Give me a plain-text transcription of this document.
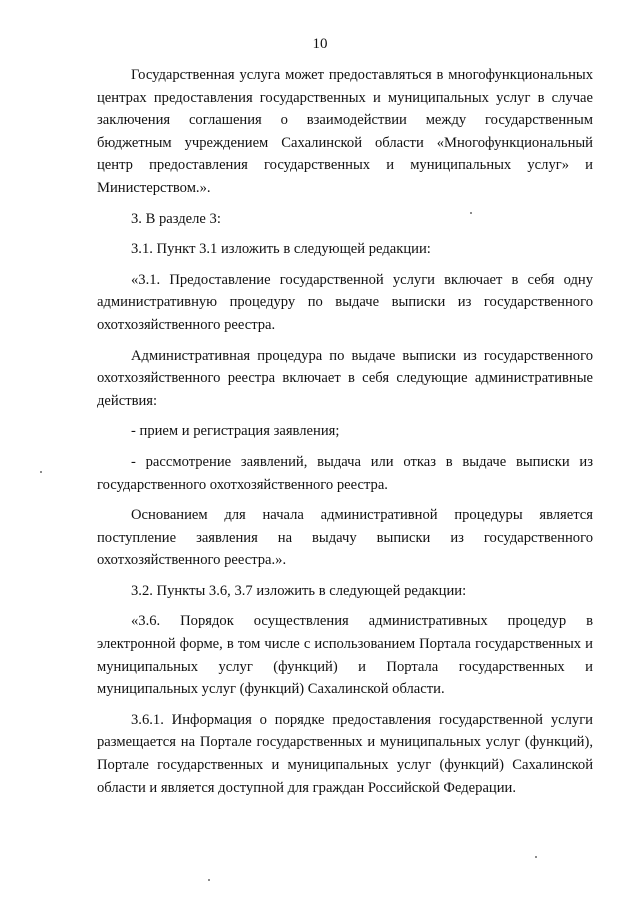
10

Государственная услуга может предоставляться в многофункциональных центрах предоставления государственных и муниципальных услуг в случае заключения соглашения о взаимодействии между государственным бюджетным учреждением Сахалинской области «Многофункциональный центр предоставления государственных и муниципальных услуг» и Министерством.».

3. В разделе 3:

3.1. Пункт 3.1 изложить в следующей редакции:

«3.1. Предоставление государственной услуги включает в себя одну административную процедуру по выдаче выписки из государственного охотхозяйственного реестра.

Административная процедура по выдаче выписки из государственного охотхозяйственного реестра включает в себя следующие административные действия:

- прием и регистрация заявления;

- рассмотрение заявлений, выдача или отказ в выдаче выписки из государственного охотхозяйственного реестра.

Основанием для начала административной процедуры является поступление заявления на выдачу выписки из государственного охотхозяйственного реестра.».

3.2. Пункты 3.6, 3.7 изложить в следующей редакции:

«3.6. Порядок осуществления административных процедур в электронной форме, в том числе с использованием Портала государственных и муниципальных услуг (функций) и Портала государственных и муниципальных услуг (функций) Сахалинской области.

3.6.1. Информация о порядке предоставления государственной услуги размещается на Портале государственных и муниципальных услуг (функций), Портале государственных и муниципальных услуг (функций) Сахалинской области и является доступной для граждан Российской Федерации.
